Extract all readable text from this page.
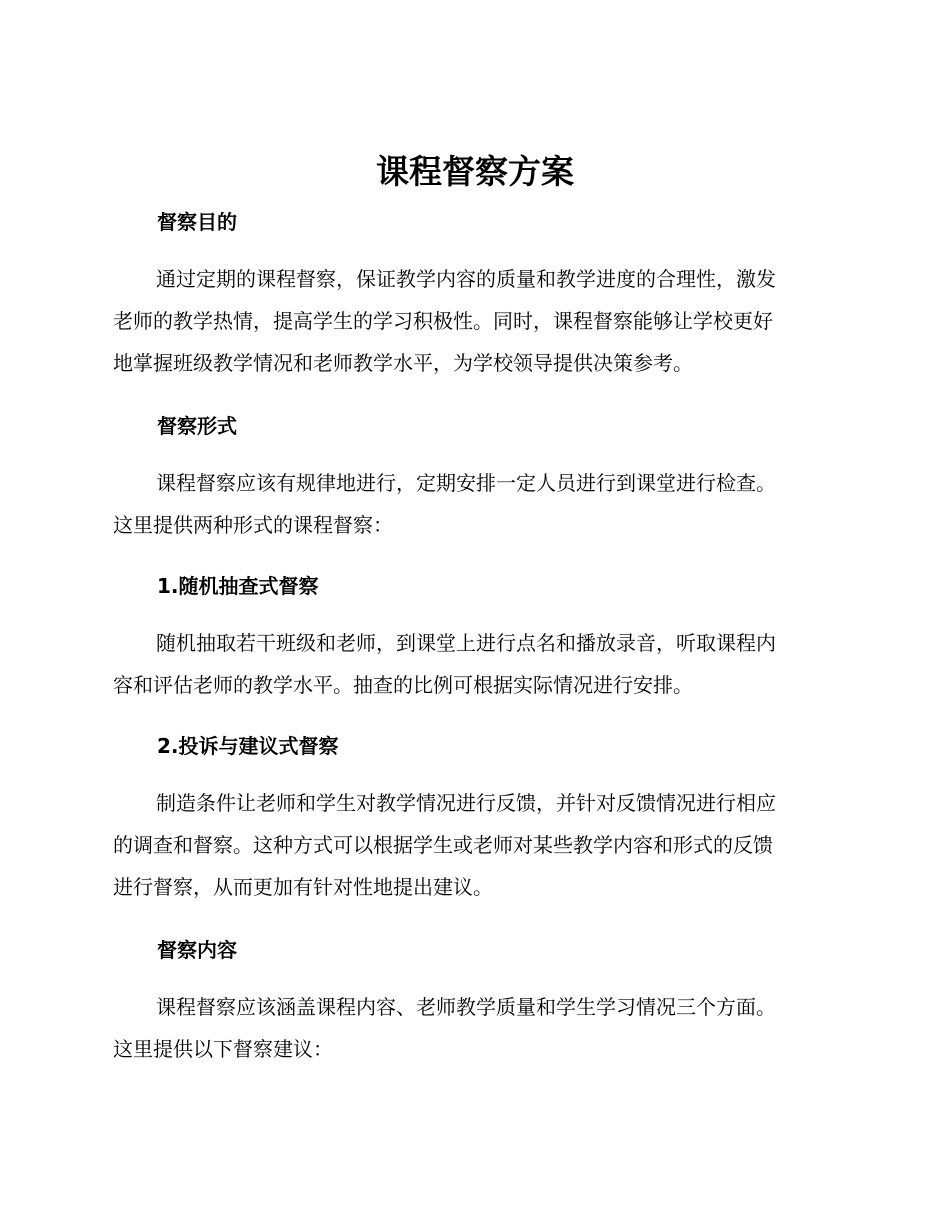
课程督察方案
督察目的
通过定期的课程督察，保证教学内容的质量和教学进度的合理性，激发
老师的教学热情，提高学生的学习积极性。同时，课程督察能够让学校更好
地掌握班级教学情况和老师教学水平，为学校领导提供决策参考。
督察形式
课程督察应该有规律地进行，定期安排一定人员进行到课堂进行检查。
这里提供两种形式的课程督察：
1.随机抽查式督察
随机抽取若干班级和老师，到课堂上进行点名和播放录音，听取课程内
容和评估老师的教学水平。抽查的比例可根据实际情况进行安排。
2.投诉与建议式督察
制造条件让老师和学生对教学情况进行反馈，并针对反馈情况进行相应
的调查和督察。这种方式可以根据学生或老师对某些教学内容和形式的反馈
进行督察，从而更加有针对性地提出建议。
督察内容
课程督察应该涵盖课程内容、老师教学质量和学生学习情况三个方面。
这里提供以下督察建议：
